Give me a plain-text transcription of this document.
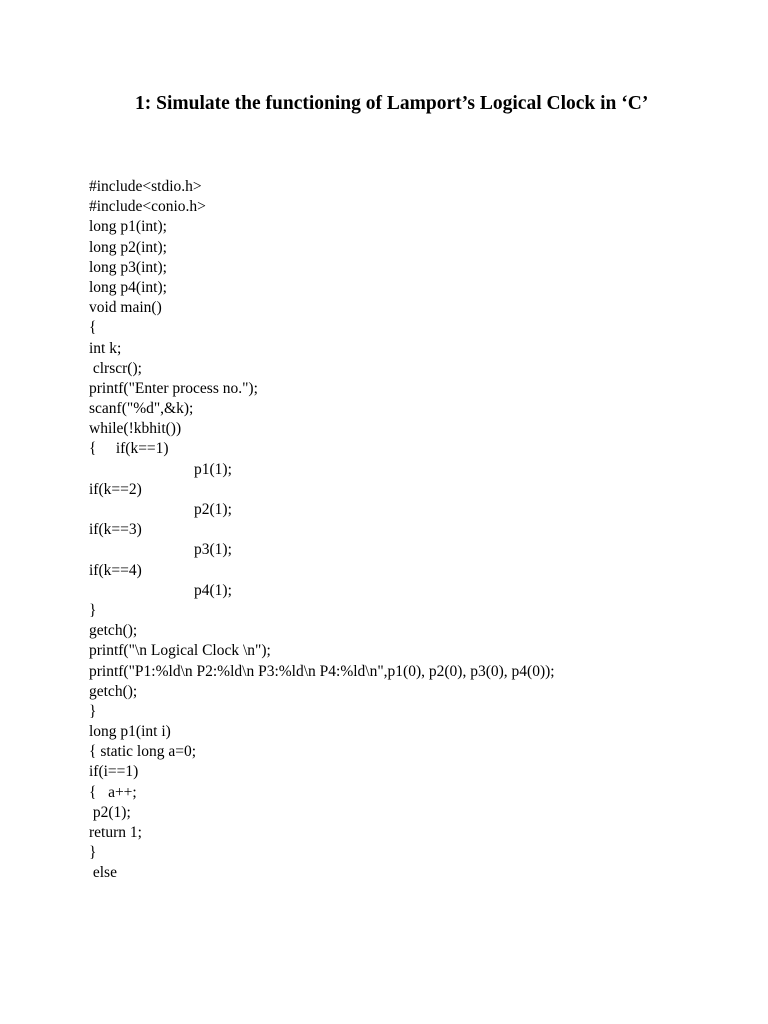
1: Simulate the functioning of Lamport’s Logical Clock in ‘C’
#include<stdio.h>
#include<conio.h>
long p1(int);
long p2(int);
long p3(int);
long p4(int);
void main()
{
int k;
clrscr();
printf("Enter process no.");
scanf("%d",&k);
while(!kbhit())
{     if(k==1)
p1(1);
if(k==2)
p2(1);
if(k==3)
p3(1);
if(k==4)
p4(1);
}
getch();
printf("\n Logical Clock \n");
printf("P1:%ld\n P2:%ld\n P3:%ld\n P4:%ld\n",p1(0), p2(0), p3(0), p4(0));
getch();
}
long p1(int i)
{ static long a=0;
if(i==1)
{   a++;
p2(1);
return 1;
}
else
